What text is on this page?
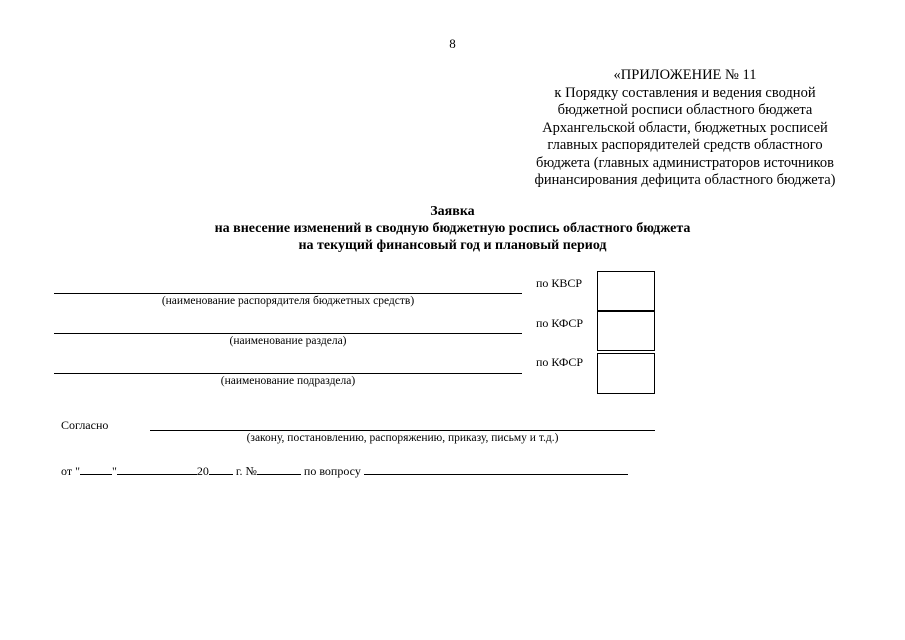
8
«ПРИЛОЖЕНИЕ № 11
к Порядку составления и ведения сводной
бюджетной росписи областного бюджета
Архангельской области, бюджетных росписей
главных распорядителей средств областного
бюджета (главных администраторов источников
финансирования дефицита областного бюджета)
Заявка
на внесение изменений в сводную бюджетную роспись областного бюджета
на текущий финансовый год и плановый период
(наименование распорядителя бюджетных средств)
по КВСР
(наименование раздела)
по КФСР
(наименование подраздела)
по КФСР
Согласно
(закону, постановлению, распоряжению, приказу, письму и т.д.)
от "	"	20 г. №	по вопросу
